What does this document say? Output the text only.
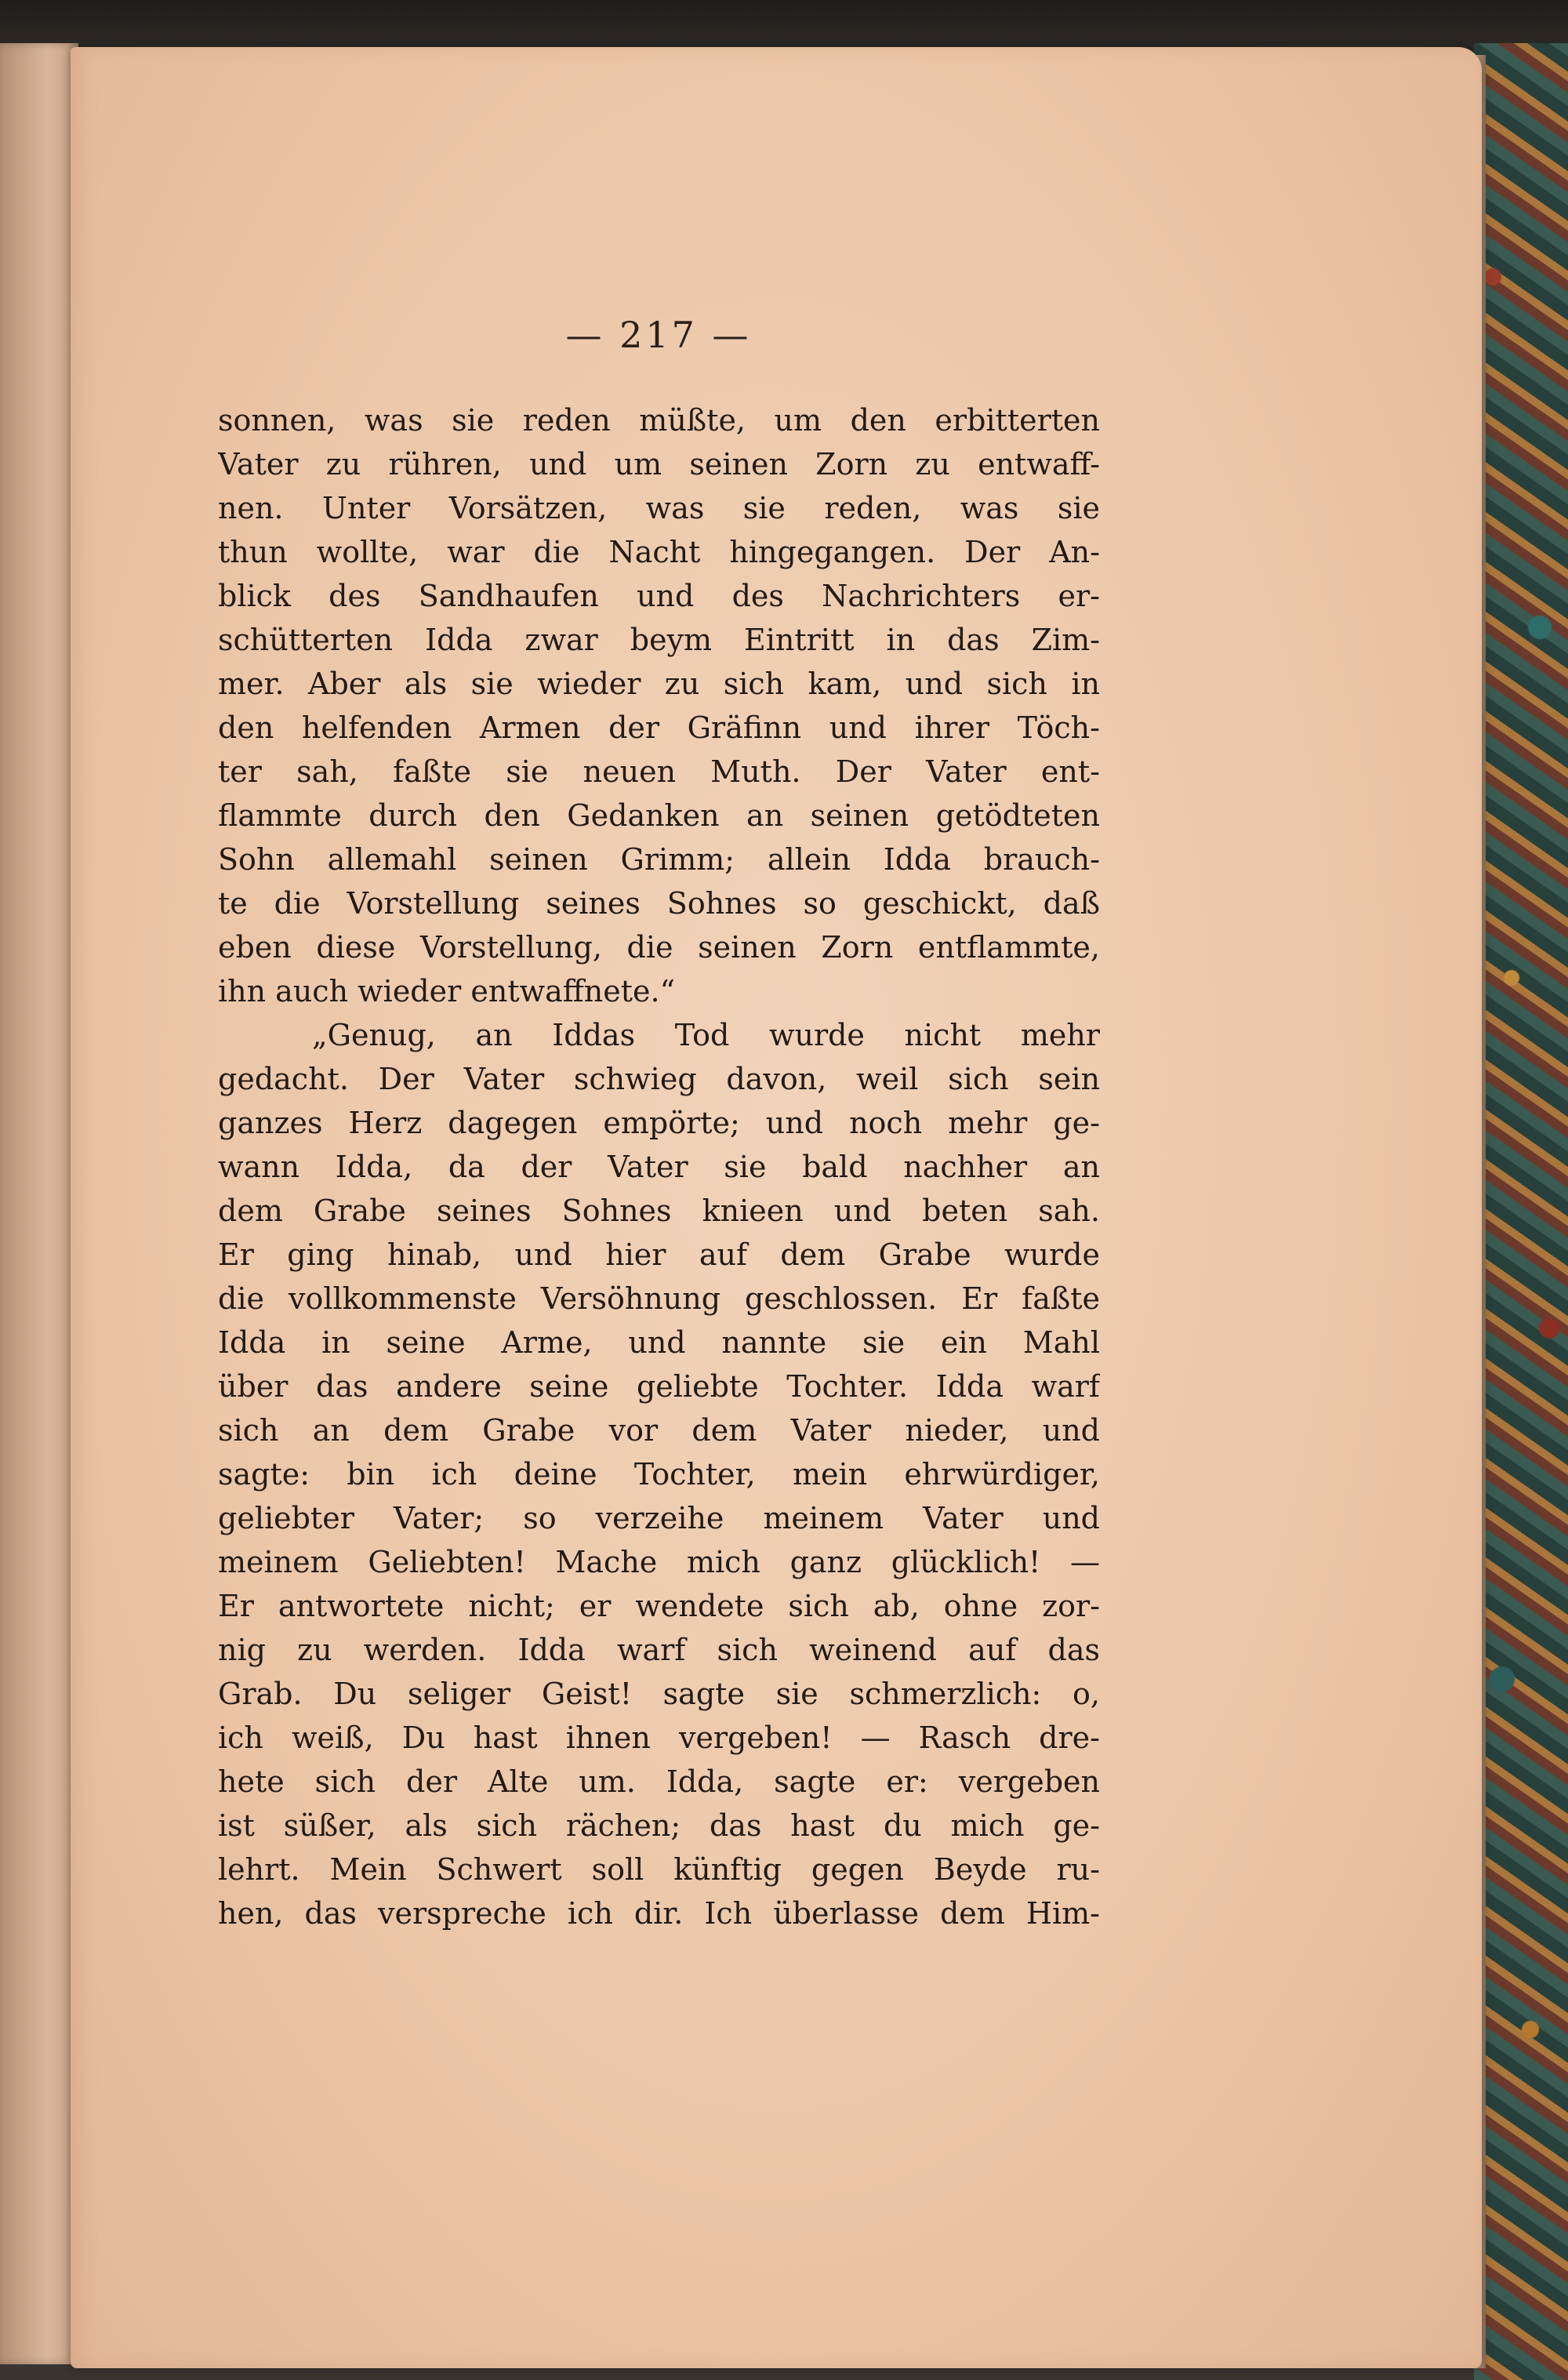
— 217 —
sonnen, was sie reden müßte, um den erbitterten
Vater zu rühren, und um seinen Zorn zu entwaff-
nen. Unter Vorsätzen, was sie reden, was sie
thun wollte, war die Nacht hingegangen. Der An-
blick des Sandhaufen und des Nachrichters er-
schütterten Idda zwar beym Eintritt in das Zim-
mer. Aber als sie wieder zu sich kam, und sich in
den helfenden Armen der Gräfinn und ihrer Töch-
ter sah, faßte sie neuen Muth. Der Vater ent-
flammte durch den Gedanken an seinen getödteten
Sohn allemahl seinen Grimm; allein Idda brauch-
te die Vorstellung seines Sohnes so geschickt, daß
eben diese Vorstellung, die seinen Zorn entflammte,
ihn auch wieder entwaffnete.“
„Genug, an Iddas Tod wurde nicht mehr
gedacht. Der Vater schwieg davon, weil sich sein
ganzes Herz dagegen empörte; und noch mehr ge-
wann Idda, da der Vater sie bald nachher an
dem Grabe seines Sohnes knieen und beten sah.
Er ging hinab, und hier auf dem Grabe wurde
die vollkommenste Versöhnung geschlossen. Er faßte
Idda in seine Arme, und nannte sie ein Mahl
über das andere seine geliebte Tochter. Idda warf
sich an dem Grabe vor dem Vater nieder, und
sagte: bin ich deine Tochter, mein ehrwürdiger,
geliebter Vater; so verzeihe meinem Vater und
meinem Geliebten! Mache mich ganz glücklich! —
Er antwortete nicht; er wendete sich ab, ohne zor-
nig zu werden. Idda warf sich weinend auf das
Grab. Du seliger Geist! sagte sie schmerzlich: o,
ich weiß, Du hast ihnen vergeben! — Rasch dre-
hete sich der Alte um. Idda, sagte er: vergeben
ist süßer, als sich rächen; das hast du mich ge-
lehrt. Mein Schwert soll künftig gegen Beyde ru-
hen, das verspreche ich dir. Ich überlasse dem Him-
